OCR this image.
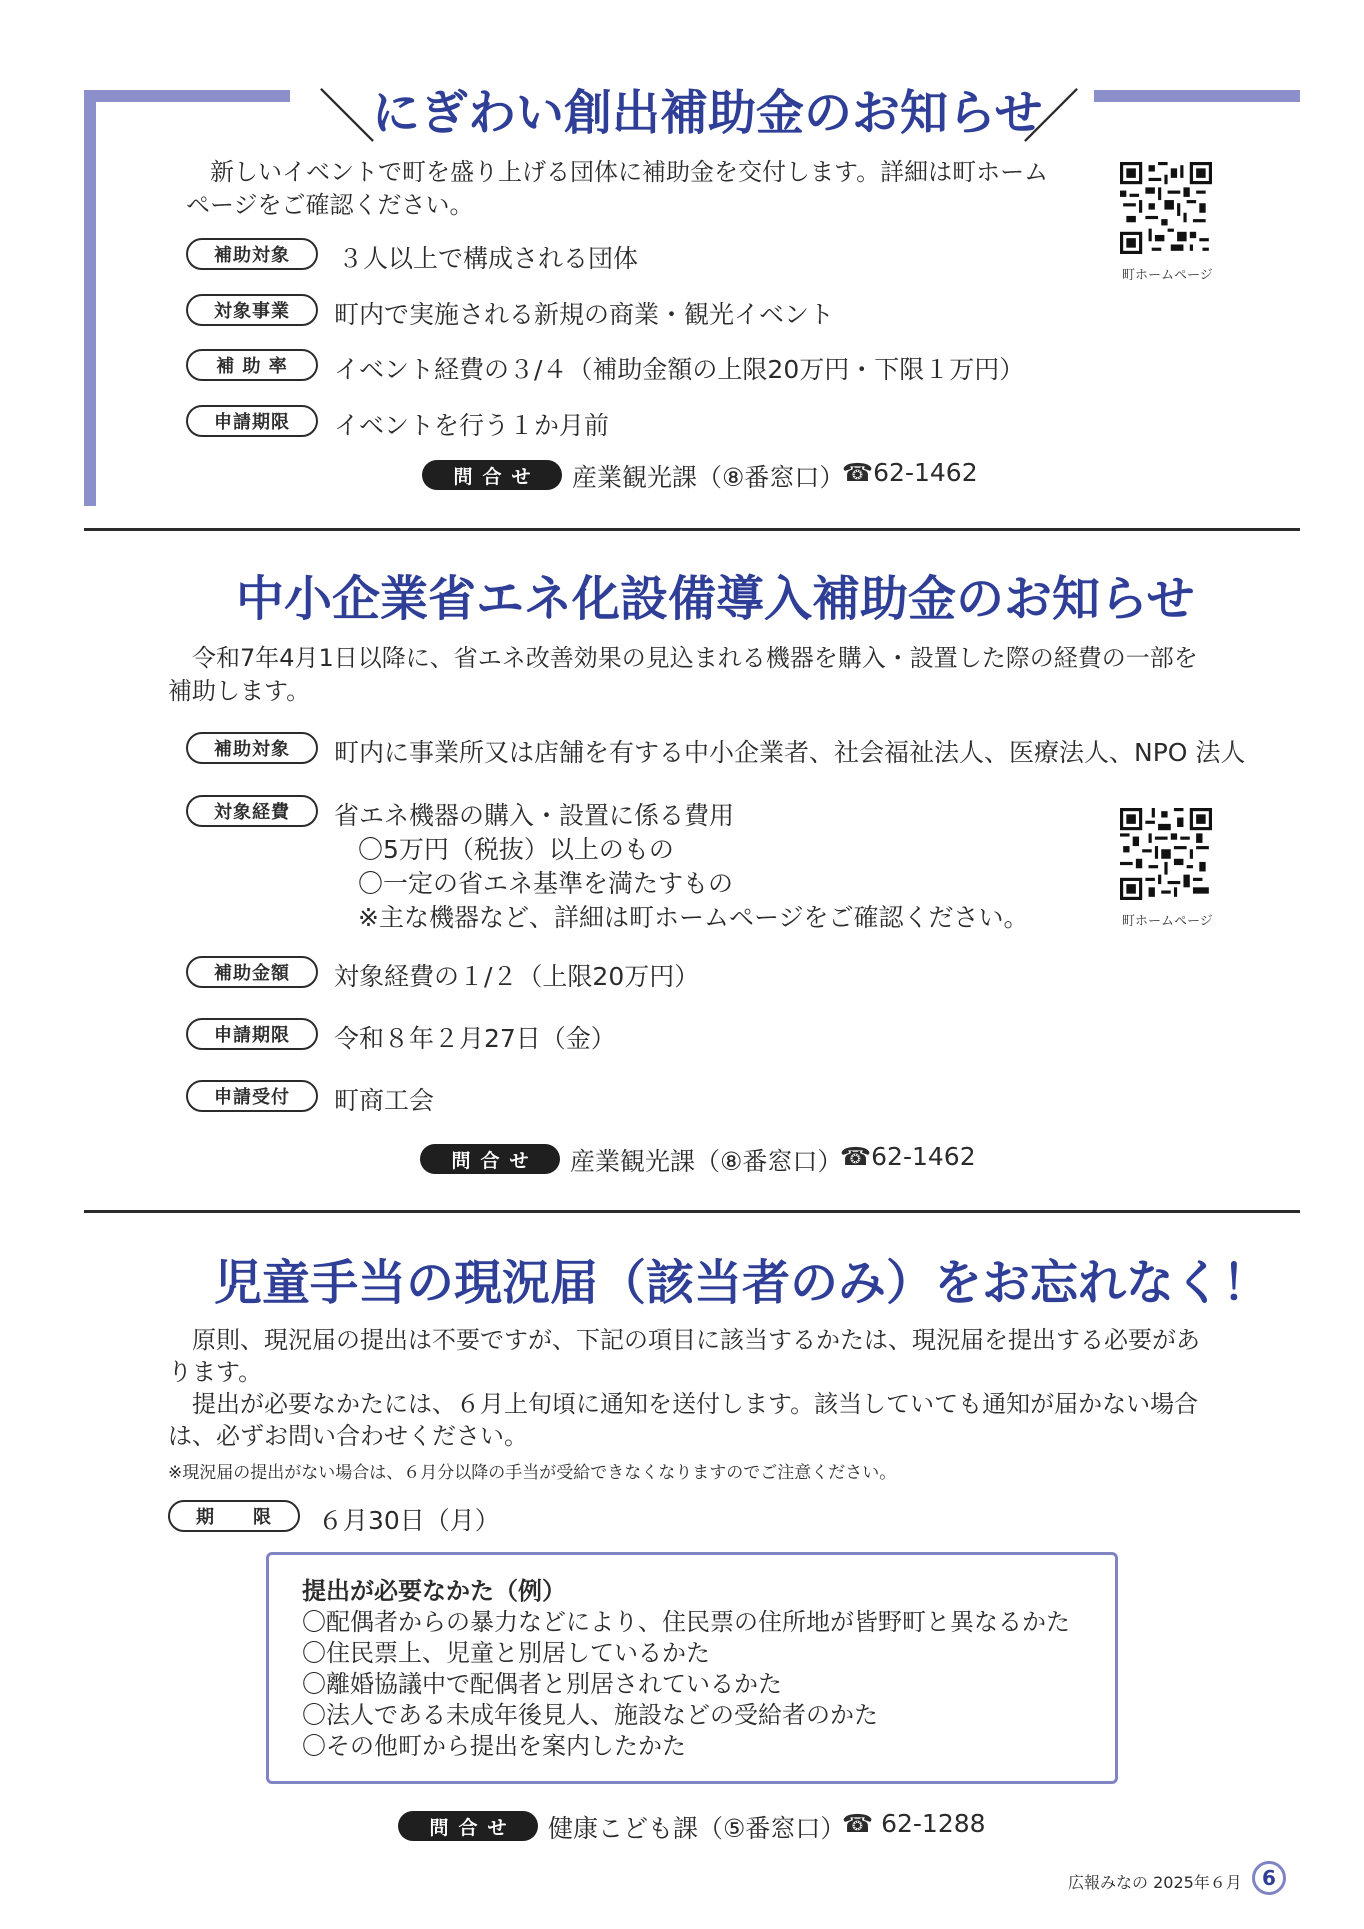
＼	／
にぎわい創出補助金のお知らせ
　新しいイベントで町を盛り上げる団体に補助金を交付します。詳細は町ホーム
ページをご確認ください。
町ホームページ
補助対象	３人以上で構成される団体
対象事業	町内で実施される新規の商業・観光イベント
補 助 率	イベント経費の３/４（補助金額の上限20万円・下限１万円）
申請期限	イベントを行う１か月前
問合せ	産業観光課（⑧番窓口）
☎62-1462
中小企業省エネ化設備導入補助金のお知らせ
　令和7年4月1日以降に、省エネ改善効果の見込まれる機器を購入・設置した際の経費の一部を
補助します。
補助対象	町内に事業所又は店舗を有する中小企業者、社会福祉法人、医療法人、NPO 法人
対象経費	省エネ機器の購入・設置に係る費用
〇5万円（税抜）以上のもの
〇一定の省エネ基準を満たすもの
※主な機器など、詳細は町ホームページをご確認ください。	町ホームページ
補助金額	対象経費の１/２（上限20万円）
申請期限	令和８年２月27日（金）
申請受付	町商工会
問合せ	産業観光課（⑧番窓口）
☎62-1462
児童手当の現況届（該当者のみ）をお忘れなく！
　原則、現況届の提出は不要ですが、下記の項目に該当するかたは、現況届を提出する必要があ
ります。
　提出が必要なかたには、６月上旬頃に通知を送付します。該当していても通知が届かない場合
は、必ずお問い合わせください。
※現況届の提出がない場合は、６月分以降の手当が受給できなくなりますのでご注意ください。
期　　限	６月30日（月）
提出が必要なかた（例）
〇配偶者からの暴力などにより、住民票の住所地が皆野町と異なるかた
〇住民票上、児童と別居しているかた
〇離婚協議中で配偶者と別居されているかた
〇法人である未成年後見人、施設などの受給者のかた
〇その他町から提出を案内したかた
問合せ	健康こども課（⑤番窓口）
☎ 62-1288
広報みなの 2025年６月	6
